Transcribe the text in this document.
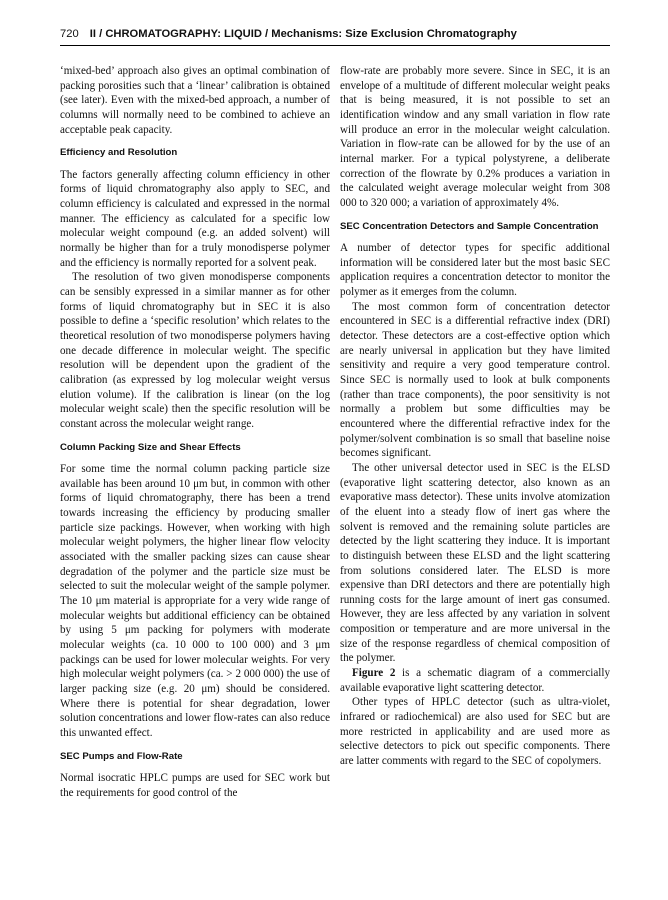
720 II / CHROMATOGRAPHY: LIQUID / Mechanisms: Size Exclusion Chromatography

‘mixed-bed’ approach also gives an optimal combination of packing porosities such that a ‘linear’ calibration is obtained (see later). Even with the mixed-bed approach, a number of columns will normally need to be combined to achieve an acceptable peak capacity.

Efficiency and Resolution

The factors generally affecting column efficiency in other forms of liquid chromatography also apply to SEC, and column efficiency is calculated and expressed in the normal manner. The efficiency as calculated for a specific low molecular weight compound (e.g. an added solvent) will normally be higher than for a truly monodisperse polymer and the efficiency is normally reported for a solvent peak.

The resolution of two given monodisperse components can be sensibly expressed in a similar manner as for other forms of liquid chromatography but in SEC it is also possible to define a ‘specific resolution’ which relates to the theoretical resolution of two monodisperse polymers having one decade difference in molecular weight. The specific resolution will be dependent upon the gradient of the calibration (as expressed by log molecular weight versus elution volume). If the calibration is linear (on the log molecular weight scale) then the specific resolution will be constant across the molecular weight range.

Column Packing Size and Shear Effects

For some time the normal column packing particle size available has been around 10 μm but, in common with other forms of liquid chromatography, there has been a trend towards increasing the efficiency by producing smaller particle size packings. However, when working with high molecular weight polymers, the higher linear flow velocity associated with the smaller packing sizes can cause shear degradation of the polymer and the particle size must be selected to suit the molecular weight of the sample polymer. The 10 μm material is appropriate for a very wide range of molecular weights but additional efficiency can be obtained by using 5 μm packing for polymers with moderate molecular weights (ca. 10 000 to 100 000) and 3 μm packings can be used for lower molecular weights. For very high molecular weight polymers (ca. > 2 000 000) the use of larger packing size (e.g. 20 μm) should be considered. Where there is potential for shear degradation, lower solution concentrations and lower flow-rates can also reduce this unwanted effect.

SEC Pumps and Flow-Rate

Normal isocratic HPLC pumps are used for SEC work but the requirements for good control of the

flow-rate are probably more severe. Since in SEC, it is an envelope of a multitude of different molecular weight peaks that is being measured, it is not possible to set an identification window and any small variation in flow rate will produce an error in the molecular weight calculation. Variation in flow-rate can be allowed for by the use of an internal marker. For a typical polystyrene, a deliberate correction of the flowrate by 0.2% produces a variation in the calculated weight average molecular weight from 308 000 to 320 000; a variation of approximately 4%.

SEC Concentration Detectors and Sample Concentration

A number of detector types for specific additional information will be considered later but the most basic SEC application requires a concentration detector to monitor the polymer as it emerges from the column.

The most common form of concentration detector encountered in SEC is a differential refractive index (DRI) detector. These detectors are a cost-effective option which are nearly universal in application but they have limited sensitivity and require a very good temperature control. Since SEC is normally used to look at bulk components (rather than trace components), the poor sensitivity is not normally a problem but some difficulties may be encountered where the differential refractive index for the polymer/solvent combination is so small that baseline noise becomes significant.

The other universal detector used in SEC is the ELSD (evaporative light scattering detector, also known as an evaporative mass detector). These units involve atomization of the eluent into a steady flow of inert gas where the solvent is removed and the remaining solute particles are detected by the light scattering they induce. It is important to distinguish between these ELSD and the light scattering from solutions considered later. The ELSD is more expensive than DRI detectors and there are potentially high running costs for the large amount of inert gas consumed. However, they are less affected by any variation in solvent composition or temperature and are more universal in the size of the response regardless of chemical composition of the polymer.

Figure 2 is a schematic diagram of a commercially available evaporative light scattering detector.

Other types of HPLC detector (such as ultra-violet, infrared or radiochemical) are also used for SEC but are more restricted in applicability and are used more as selective detectors to pick out specific components. There are latter comments with regard to the SEC of copolymers.
